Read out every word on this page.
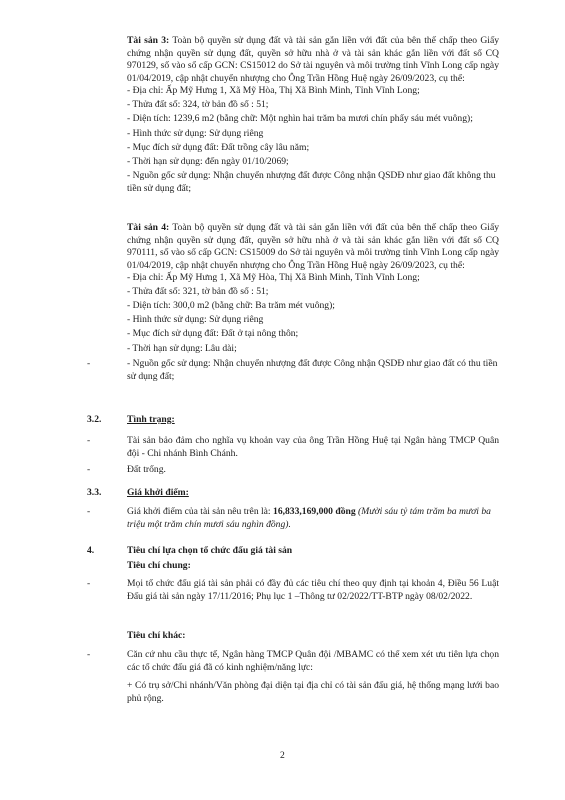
Tài sản 3: Toàn bộ quyền sử dụng đất và tài sản gắn liền với đất của bên thế chấp theo Giấy chứng nhận quyền sử dụng đất, quyền sở hữu nhà ở và tài sản khác gắn liền với đất số CQ 970129, số vào sổ cấp GCN: CS15012 do Sở tài nguyên và môi trường tỉnh Vĩnh Long cấp ngày 01/04/2019, cập nhật chuyển nhượng cho Ông Trần Hồng Huệ ngày 26/09/2023, cụ thể:

- Địa chỉ: Ấp Mỹ Hưng 1, Xã Mỹ Hòa, Thị Xã Bình Minh, Tỉnh Vĩnh Long;

- Thửa đất số: 324, tờ bản đồ số : 51;

- Diện tích: 1239,6 m2 (bằng chữ: Một nghìn hai trăm ba mươi chín phẩy sáu mét vuông);

- Hình thức sử dụng: Sử dụng riêng

- Mục đích sử dụng đất: Đất trồng cây lâu năm;

- Thời hạn sử dụng: đến ngày 01/10/2069;

- Nguồn gốc sử dụng: Nhận chuyển nhượng đất được Công nhận QSDĐ như giao đất không thu tiền sử dụng đất;

Tài sản 4: Toàn bộ quyền sử dụng đất và tài sản gắn liền với đất của bên thế chấp theo Giấy chứng nhận quyền sử dụng đất, quyền sở hữu nhà ở và tài sản khác gắn liền với đất số CQ 970111, số vào sổ cấp GCN: CS15009 do Sở tài nguyên và môi trường tỉnh Vĩnh Long cấp ngày 01/04/2019, cập nhật chuyển nhượng cho Ông Trần Hồng Huệ ngày 26/09/2023, cụ thể:

- Địa chỉ: Ấp Mỹ Hưng 1, Xã Mỹ Hòa, Thị Xã Bình Minh, Tỉnh Vĩnh Long;

- Thửa đất số: 321, tờ bản đồ số : 51;

- Diện tích: 300,0 m2 (bằng chữ: Ba trăm mét vuông);

- Hình thức sử dụng: Sử dụng riêng

- Mục đích sử dụng đất: Đất ở tại nông thôn;

- Thời hạn sử dụng: Lâu dài;

-	- Nguồn gốc sử dụng: Nhận chuyển nhượng đất được Công nhận QSDĐ như giao đất có thu tiền sử dụng đất;

3.2.	Tình trạng:
-	Tài sản bảo đảm cho nghĩa vụ khoản vay của ông Trần Hồng Huệ tại Ngân hàng TMCP Quân đội - Chi nhánh Bình Chánh.

-	Đất trống.

3.3.	Giá khởi điểm:
-	Giá khởi điểm của tài sản nêu trên là: 16,833,169,000 đồng (Mười sáu tỷ tám trăm ba mươi ba triệu một trăm chín mươi sáu nghìn đồng).

4.	Tiêu chí lựa chọn tổ chức đấu giá tài sản
Tiêu chí chung:
-	Mọi tổ chức đấu giá tài sản phải có đầy đủ các tiêu chí theo quy định tại khoản 4, Điều 56 Luật Đấu giá tài sản ngày 17/11/2016; Phụ lục 1 –Thông tư 02/2022/TT-BTP ngày 08/02/2022.

Tiêu chí khác:
-	Căn cứ nhu cầu thực tế, Ngân hàng TMCP Quân đội /MBAMC có thể xem xét ưu tiên lựa chọn các tổ chức đấu giá đã có kinh nghiệm/năng lực:

+ Có trụ sở/Chi nhánh/Văn phòng đại diện tại địa chỉ có tài sản đấu giá, hệ thống mạng lưới bao phủ rộng.

2
